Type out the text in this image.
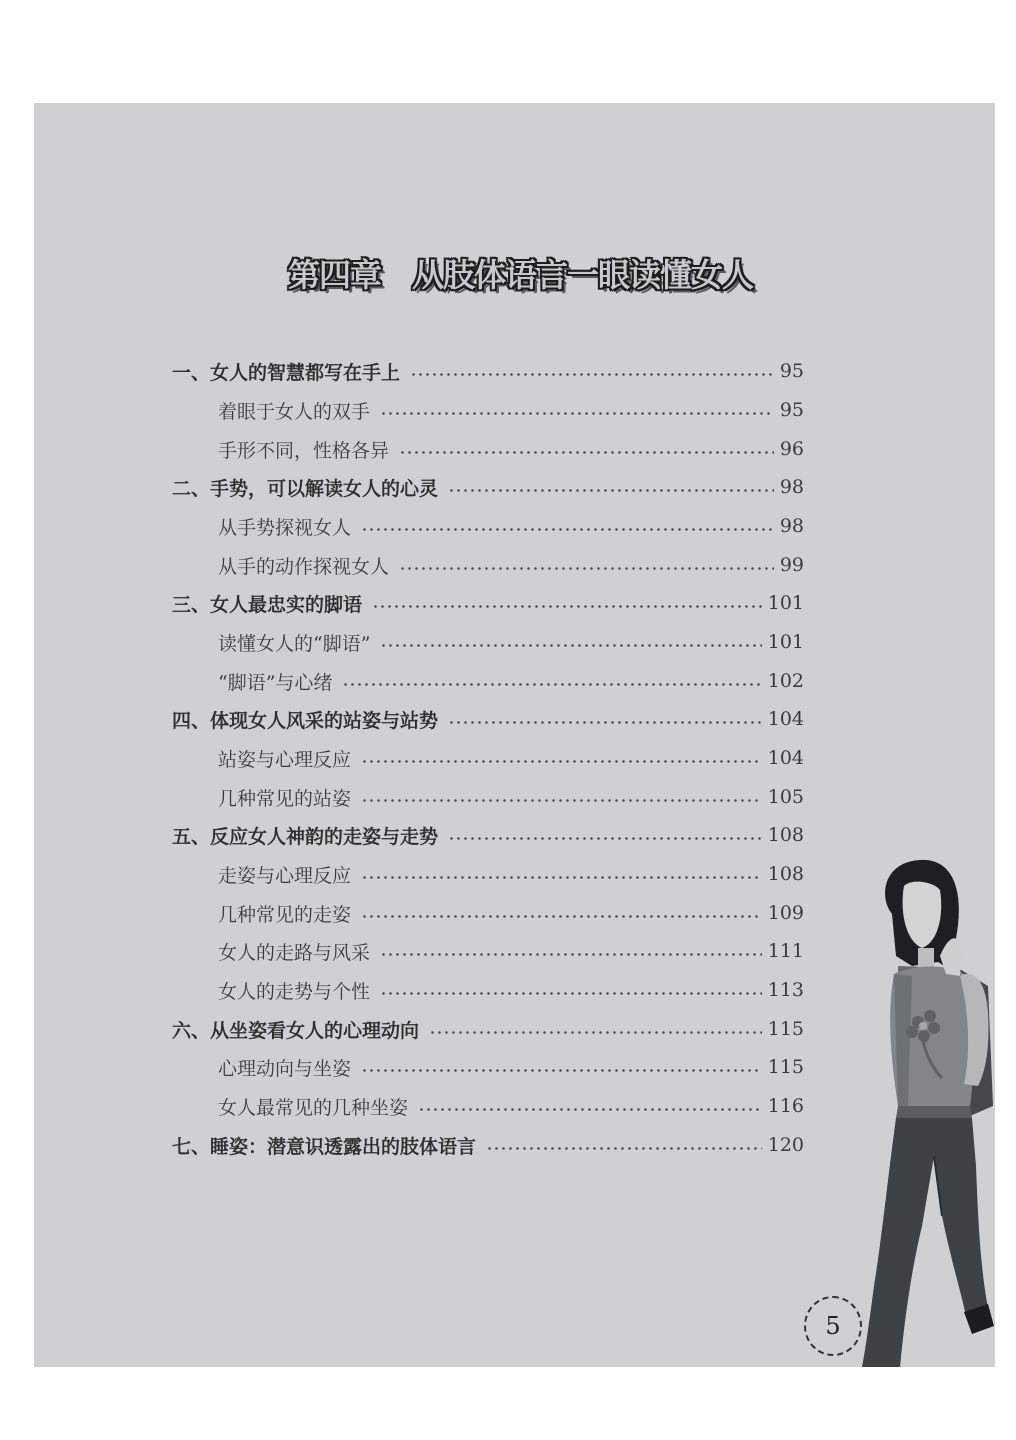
第四章　从肢体语言一眼读懂女人
一、女人的智慧都写在手上	95
着眼于女人的双手	95
手形不同，性格各异	96
二、手势，可以解读女人的心灵	98
从手势探视女人	98
从手的动作探视女人	99
三、女人最忠实的脚语	101
读懂女人的“脚语”	101
“脚语”与心绪	102
四、体现女人风采的站姿与站势	104
站姿与心理反应	104
几种常见的站姿	105
五、反应女人神韵的走姿与走势	108
走姿与心理反应	108
几种常见的走姿	109
女人的走路与风采	111
女人的走势与个性	113
六、从坐姿看女人的心理动向	115
心理动向与坐姿	115
女人最常见的几种坐姿	116
七、睡姿：潜意识透露出的肢体语言	120
5
